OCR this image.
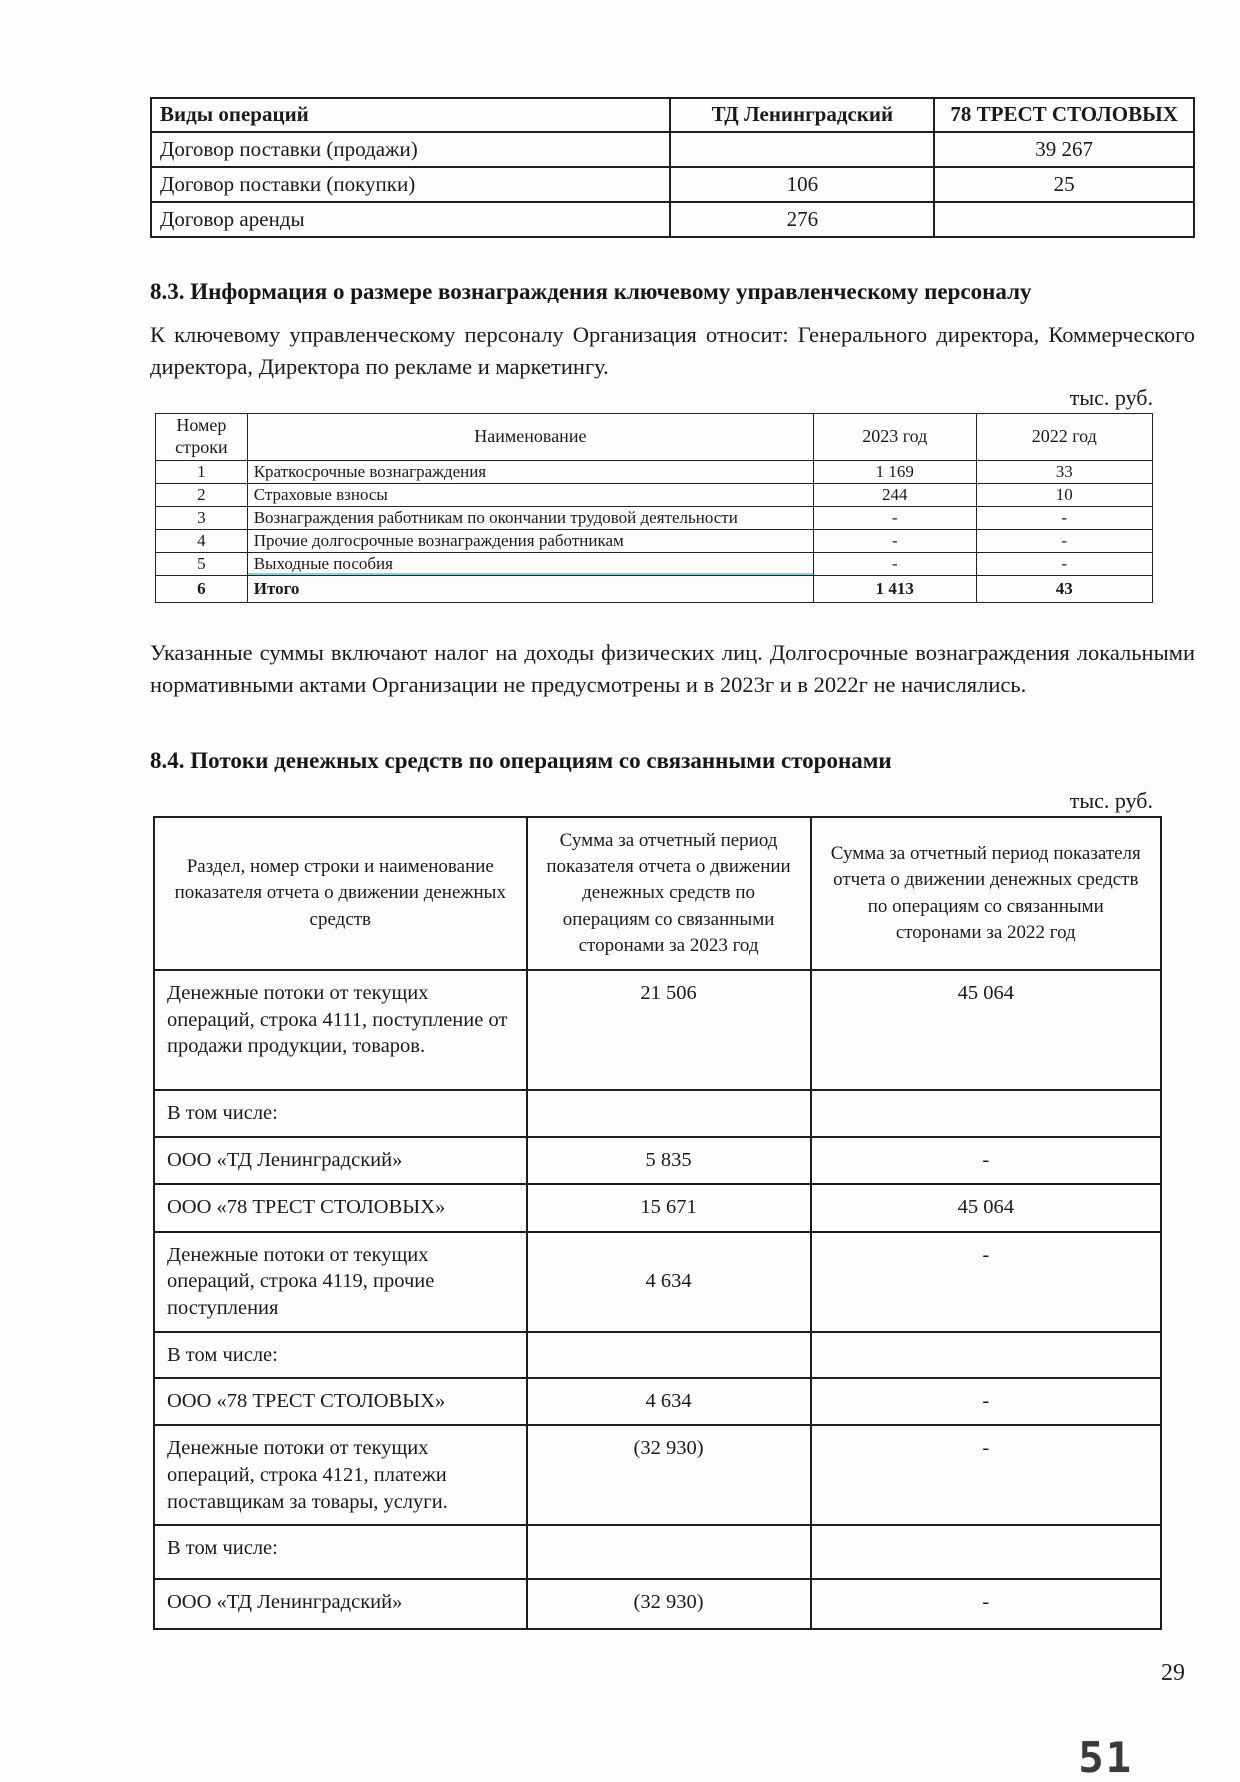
Виды операций	ТД Ленинградский	78 ТРЕСТ СТОЛОВЫХ
Договор поставки (продажи)		39 267
Договор поставки (покупки)	106	25
Договор аренды	276	
8.3. Информация о размере вознаграждения ключевому управленческому персоналу
К ключевому управленческому персоналу Организация относит: Генерального директора, Коммерческого директора, Директора по рекламе и маркетингу.
тыс. руб.
Номер строки	Наименование	2023 год	2022 год
1	Краткосрочные вознаграждения	1 169	33
2	Страховые взносы	244	10
3	Вознаграждения работникам по окончании трудовой деятельности	-	-
4	Прочие долгосрочные вознаграждения работникам	-	-
5	Выходные пособия	-	-
6	Итого	1 413	43
Указанные суммы включают налог на доходы физических лиц. Долгосрочные вознаграждения локальными нормативными актами Организации не предусмотрены и в 2023г и в 2022г не начислялись.
8.4. Потоки денежных средств по операциям со связанными сторонами
тыс. руб.
Раздел, номер строки и наименование показателя отчета о движении денежных средств	Сумма за отчетный период показателя отчета о движении денежных средств по операциям со связанными сторонами за 2023 год	Сумма за отчетный период показателя отчета о движении денежных средств по операциям со связанными сторонами за 2022 год
Денежные потоки от текущих операций, строка 4111, поступление от продажи продукции, товаров.	21 506	45 064
В том числе:		
ООО «ТД Ленинградский»	5 835	-
ООО «78 ТРЕСТ СТОЛОВЫХ»	15 671	45 064
Денежные потоки от текущих операций, строка 4119, прочие поступления	4 634	-
В том числе:		
ООО «78 ТРЕСТ СТОЛОВЫХ»	4 634	-
Денежные потоки от текущих операций, строка 4121, платежи поставщикам за товары, услуги.	(32 930)	-
В том числе:		
ООО «ТД Ленинградский»	(32 930)	-
29
51
